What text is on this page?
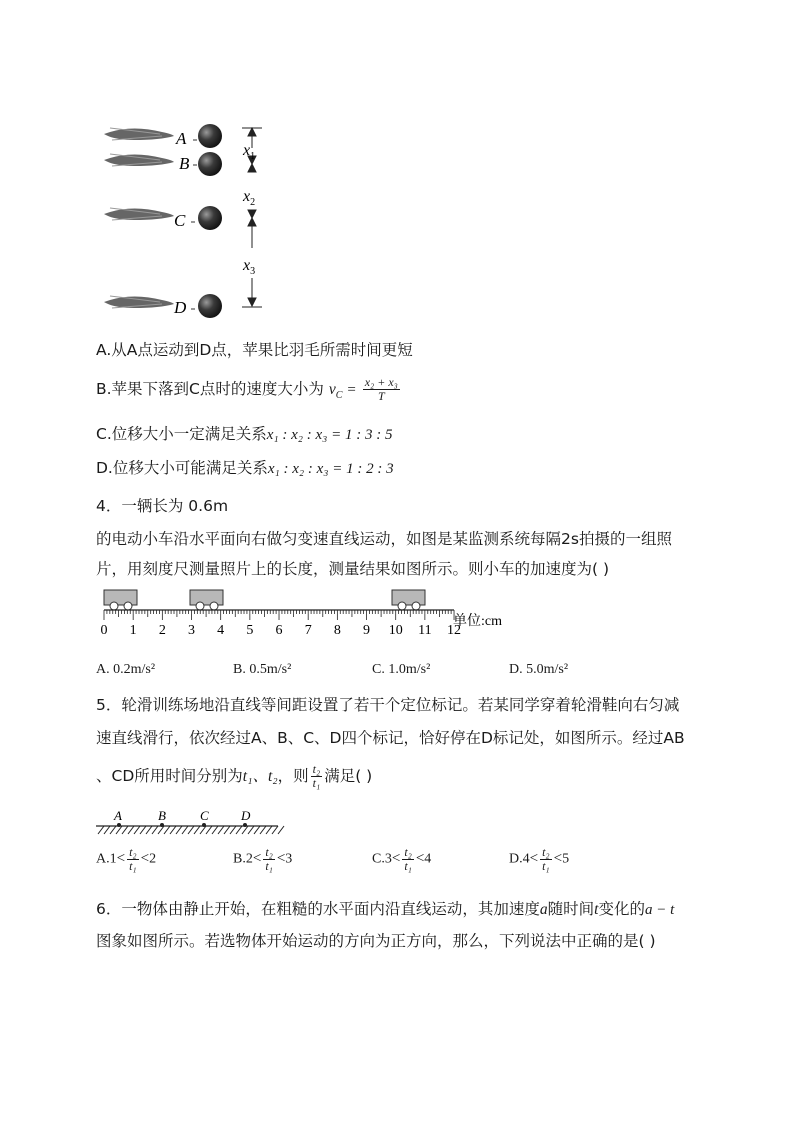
A
B
C
D
$x_1$
$x_2$
$x_3$
A.从A点运动到D点，苹果比羽毛所需时间更短
B.苹果下落到C点时的速度大小为 $v_C = \frac{\text{x₂ + x₃}}{T}$
C.位移大小一定满足关系x₁ : x₂ : x₃ = 1 : 3 : 5
D.位移大小可能满足关系x₁ : x₂ : x₃ = 1 : 2 : 3
4．一辆长为 0.6m
的电动小车沿水平面向右做匀变速直线运动，如图是某监测系统每隔2s拍摄的一组照
片，用刻度尺测量照片上的长度，测量结果如图所示。则小车的加速度为( )
0 1 2 3 4 5 6 7 8 9 10 11 12
单位:cm
A. 0.2m/s²	B. 0.5m/s²	C. 1.0m/s²	D. 5.0m/s²
5．轮滑训练场地沿直线等间距设置了若干个定位标记。若某同学穿着轮滑鞋向右匀减
速直线滑行，依次经过A、B、C、D四个标记，恰好停在D标记处，如图所示。经过AB
、CD所用时间分别为t₁、t₂，则 $\frac{\text{t₂}}{\text{t₁}}$ 满足( )
A	B	C D
$A.1< \frac{\text{t₂}}{\text{t₁}} <2$	$B.2< \frac{\text{t₂}}{\text{t₁}} <3$	$C.3< \frac{\text{t₂}}{\text{t₁}} <4$	$D.4< \frac{\text{t₂}}{\text{t₁}} <5$
6．一物体由静止开始，在粗糙的水平面内沿直线运动，其加速度a随时间t变化的a − t
图象如图所示。若选物体开始运动的方向为正方向，那么，下列说法中正确的是( )
